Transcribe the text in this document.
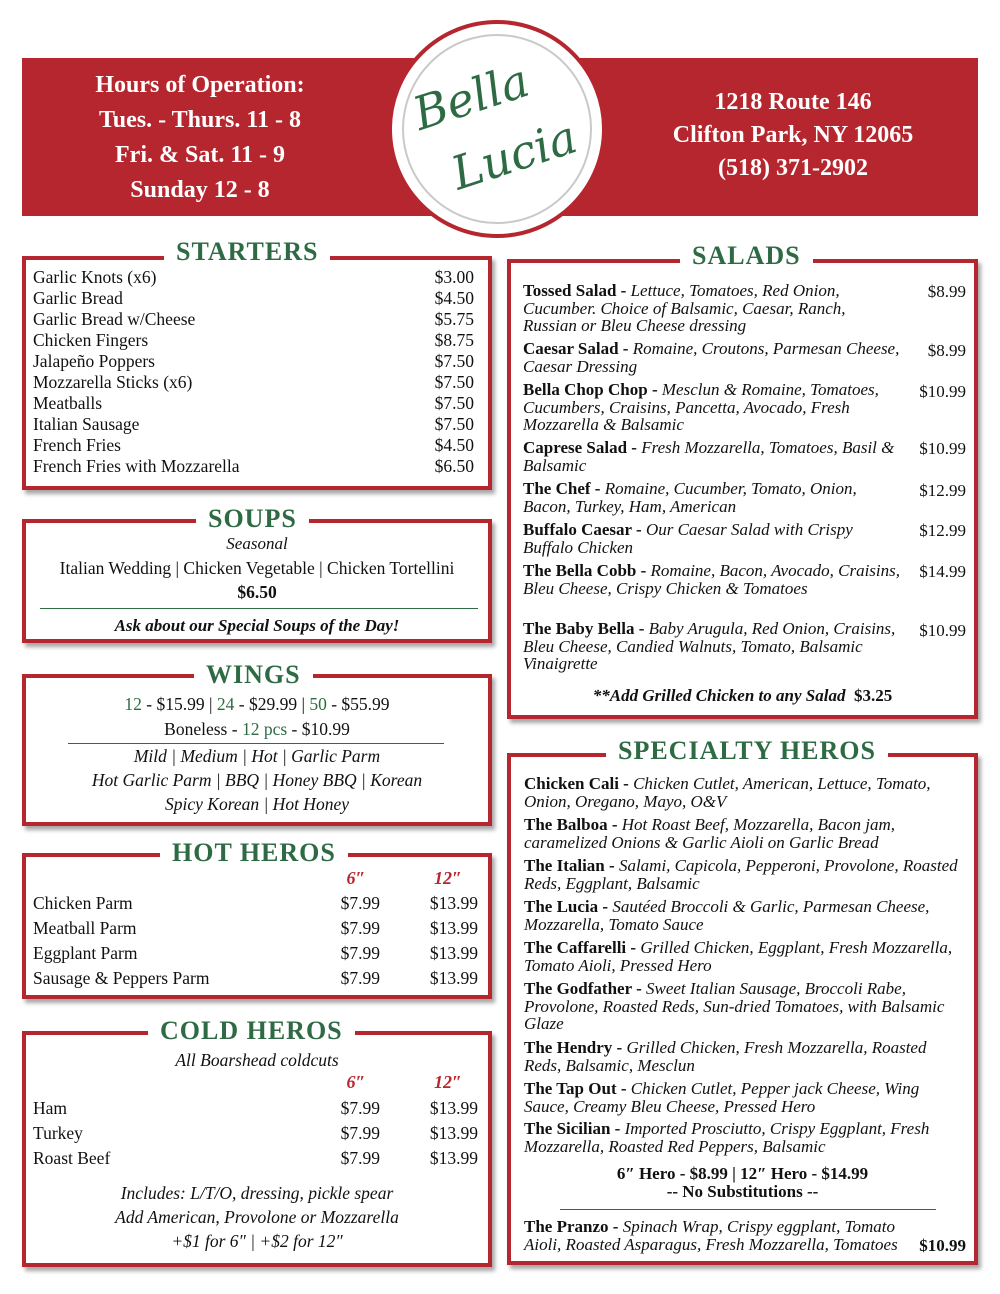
Hours of Operation:
Tues. - Thurs. 11 - 8
Fri. & Sat. 11 - 9
Sunday 12 - 8
1218 Route 146
Clifton Park, NY 12065
(518) 371-2902
Bella
Lucia
STARTERS
Garlic Knots (x6)	$3.00
Garlic Bread	$4.50
Garlic Bread w/Cheese	$5.75
Chicken Fingers	$8.75
Jalapeño Poppers	$7.50
Mozzarella Sticks (x6)	$7.50
Meatballs	$7.50
Italian Sausage	$7.50
French Fries	$4.50
French Fries with Mozzarella	$6.50
SOUPS
Seasonal
Italian Wedding | Chicken Vegetable | Chicken Tortellini
$6.50
Ask about our Special Soups of the Day!
WINGS
12 - $15.99 | 24 - $29.99 | 50 - $55.99
Boneless - 12 pcs - $10.99
Mild | Medium | Hot | Garlic Parm
Hot Garlic Parm | BBQ | Honey BBQ | Korean
Spicy Korean | Hot Honey
HOT HEROS
6″	12″
Chicken Parm	$7.99	$13.99
Meatball Parm	$7.99	$13.99
Eggplant Parm	$7.99	$13.99
Sausage & Peppers Parm	$7.99	$13.99
COLD HEROS
All Boarshead coldcuts
6″	12″
Ham	$7.99	$13.99
Turkey	$7.99	$13.99
Roast Beef	$7.99	$13.99
Includes: L/T/O, dressing, pickle spear
Add American, Provolone or Mozzarella
+$1 for 6″ | +$2 for 12″
SALADS
Tossed Salad - Lettuce, Tomatoes, Red Onion, Cucumber. Choice of Balsamic, Caesar, Ranch, Russian or Bleu Cheese dressing
$8.99
Caesar Salad - Romaine, Croutons, Parmesan Cheese, Caesar Dressing
$8.99
Bella Chop Chop - Mesclun & Romaine, Tomatoes, Cucumbers, Craisins, Pancetta, Avocado, Fresh Mozzarella & Balsamic
$10.99
Caprese Salad - Fresh Mozzarella, Tomatoes, Basil & Balsamic
$10.99
The Chef - Romaine, Cucumber, Tomato, Onion, Bacon, Turkey, Ham, American
$12.99
Buffalo Caesar - Our Caesar Salad with Crispy Buffalo Chicken
$12.99
The Bella Cobb - Romaine, Bacon, Avocado, Craisins, Bleu Cheese, Crispy Chicken & Tomatoes
$14.99
The Baby Bella - Baby Arugula, Red Onion, Craisins, Bleu Cheese, Candied Walnuts, Tomato, Balsamic Vinaigrette
$10.99
**Add Grilled Chicken to any Salad $3.25
SPECIALTY HEROS
Chicken Cali - Chicken Cutlet, American, Lettuce, Tomato, Onion, Oregano, Mayo, O&V
The Balboa - Hot Roast Beef, Mozzarella, Bacon jam, caramelized Onions & Garlic Aioli on Garlic Bread
The Italian - Salami, Capicola, Pepperoni, Provolone, Roasted Reds, Eggplant, Balsamic
The Lucia - Sautéed Broccoli & Garlic, Parmesan Cheese, Mozzarella, Tomato Sauce
The Caffarelli - Grilled Chicken, Eggplant, Fresh Mozzarella, Tomato Aioli, Pressed Hero
The Godfather - Sweet Italian Sausage, Broccoli Rabe, Provolone, Roasted Reds, Sun-dried Tomatoes, with Balsamic Glaze
The Hendry - Grilled Chicken, Fresh Mozzarella, Roasted Reds, Balsamic, Mesclun
The Tap Out - Chicken Cutlet, Pepper jack Cheese, Wing Sauce, Creamy Bleu Cheese, Pressed Hero
The Sicilian - Imported Prosciutto, Crispy Eggplant, Fresh Mozzarella, Roasted Red Peppers, Balsamic
6″ Hero - $8.99 | 12″ Hero - $14.99
-- No Substitutions --
The Pranzo - Spinach Wrap, Crispy eggplant, Tomato Aioli, Roasted Asparagus, Fresh Mozzarella, Tomatoes	$10.99
